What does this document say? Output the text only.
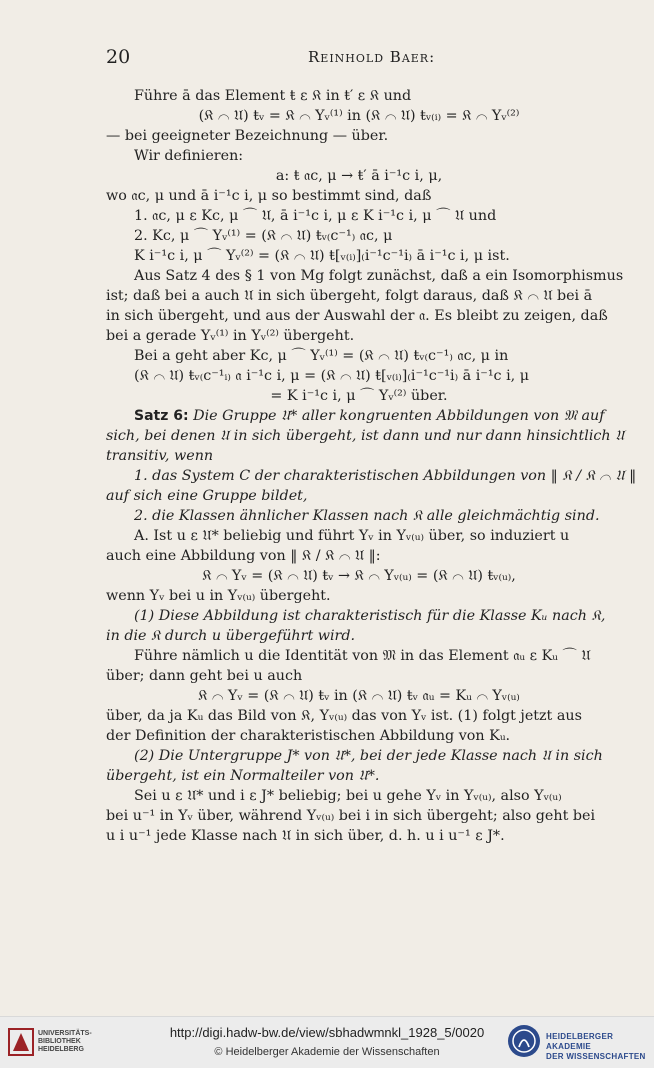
20	Reinhold Baer:
Führe ā das Element ŧ ε 𝔎 in ŧ′ ε 𝔎 und
(𝔎 ⌒ 𝔘) ŧᵥ = 𝔎 ⌒ Yᵥ⁽¹⁾ in (𝔎 ⌒ 𝔘) ŧᵥ₍ᵢ₎ = 𝔎 ⌒ Yᵥ⁽²⁾
— bei geeigneter Bezeichnung — über.
Wir definieren:
a: ŧ 𝔞c, μ → ŧ′ ā i⁻¹c i, μ,
wo 𝔞c, μ und ā i⁻¹c i, μ so bestimmt sind, daß
1. 𝔞c, μ ε Kc, μ ⌒ 𝔘, ā i⁻¹c i, μ ε K i⁻¹c i, μ ⌒ 𝔘 und
2. Kc, μ ⌒ Yᵥ⁽¹⁾ = (𝔎 ⌒ 𝔘) ŧᵥ₍c⁻¹₎ 𝔞c, μ
K i⁻¹c i, μ ⌒ Yᵥ⁽²⁾ = (𝔎 ⌒ 𝔘) ŧ[ᵥ₍ᵢ₎]₍i⁻¹c⁻¹i₎ ā i⁻¹c i, μ ist.
Aus Satz 4 des § 1 von Mg folgt zunächst, daß a ein Isomorphismus
ist; daß bei a auch 𝔘 in sich übergeht, folgt daraus, daß 𝔎 ⌒ 𝔘 bei ā
in sich übergeht, und aus der Auswahl der 𝔞. Es bleibt zu zeigen, daß
bei a gerade Yᵥ⁽¹⁾ in Yᵥ⁽²⁾ übergeht.
Bei a geht aber Kc, μ ⌒ Yᵥ⁽¹⁾ = (𝔎 ⌒ 𝔘) ŧᵥ₍c⁻¹₎ 𝔞c, μ in
(𝔎 ⌒ 𝔘) ŧᵥ₍c⁻¹ᵢ₎ 𝔞 i⁻¹c i, μ = (𝔎 ⌒ 𝔘) ŧ[ᵥ₍ᵢ₎]₍i⁻¹c⁻¹i₎ ā i⁻¹c i, μ
= K i⁻¹c i, μ ⌒ Yᵥ⁽²⁾ über.
Satz 6: Die Gruppe 𝔘* aller kongruenten Abbildungen von 𝔐 auf
sich, bei denen 𝔘 in sich übergeht, ist dann und nur dann hinsichtlich 𝔘
transitiv, wenn
1. das System C der charakteristischen Abbildungen von ‖ 𝔎 / 𝔎 ⌒ 𝔘 ‖
auf sich eine Gruppe bildet,
2. die Klassen ähnlicher Klassen nach 𝔎 alle gleichmächtig sind.
A. Ist u ε 𝔘* beliebig und führt Yᵥ in Yᵥ₍ᵤ₎ über, so induziert u
auch eine Abbildung von ‖ 𝔎 / 𝔎 ⌒ 𝔘 ‖:
𝔎 ⌒ Yᵥ = (𝔎 ⌒ 𝔘) ŧᵥ → 𝔎 ⌒ Yᵥ₍ᵤ₎ = (𝔎 ⌒ 𝔘) ŧᵥ₍ᵤ₎,
wenn Yᵥ bei u in Yᵥ₍ᵤ₎ übergeht.
(1) Diese Abbildung ist charakteristisch für die Klasse Kᵤ nach 𝔎,
in die 𝔎 durch u übergeführt wird.
Führe nämlich u die Identität von 𝔐 in das Element 𝔞ᵤ ε Kᵤ ⌒ 𝔘
über; dann geht bei u auch
𝔎 ⌒ Yᵥ = (𝔎 ⌒ 𝔘) ŧᵥ in (𝔎 ⌒ 𝔘) ŧᵥ 𝔞ᵤ = Kᵤ ⌒ Yᵥ₍ᵤ₎
über, da ja Kᵤ das Bild von 𝔎, Yᵥ₍ᵤ₎ das von Yᵥ ist. (1) folgt jetzt aus
der Definition der charakteristischen Abbildung von Kᵤ.
(2) Die Untergruppe J* von 𝔘*, bei der jede Klasse nach 𝔘 in sich
übergeht, ist ein Normalteiler von 𝔘*.
Sei u ε 𝔘* und i ε J* beliebig; bei u gehe Yᵥ in Yᵥ₍ᵤ₎, also Yᵥ₍ᵤ₎
bei u⁻¹ in Yᵥ über, während Yᵥ₍ᵤ₎ bei i in sich übergeht; also geht bei
u i u⁻¹ jede Klasse nach 𝔘 in sich über, d. h. u i u⁻¹ ε J*.
UNIVERSITÄTS-
BIBLIOTHEK
HEIDELBERG
http://digi.hadw-bw.de/view/sbhadwmnkl_1928_5/0020
© Heidelberger Akademie der Wissenschaften
HEIDELBERGER AKADEMIE
DER WISSENSCHAFTEN
